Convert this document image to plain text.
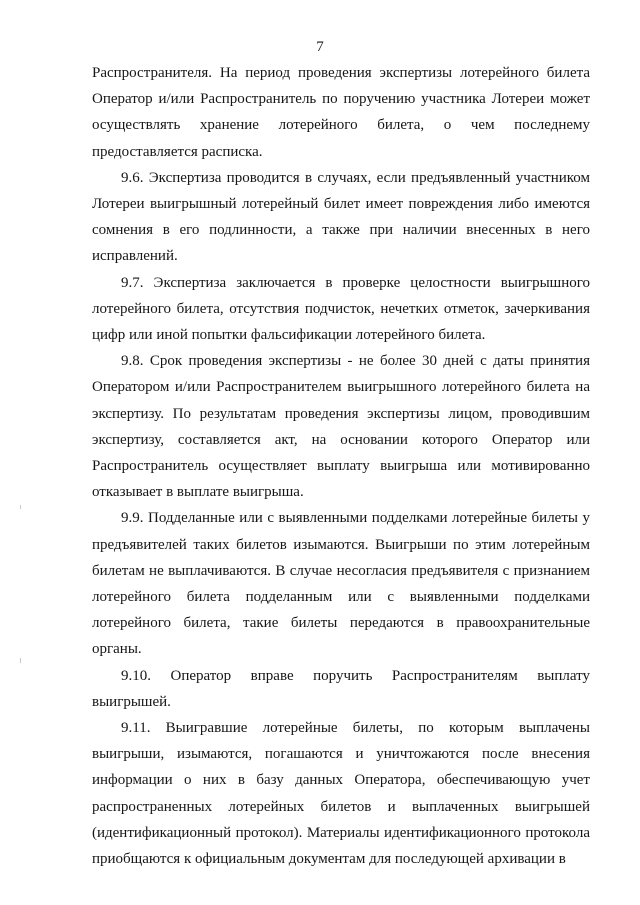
7

Распространителя. На период проведения экспертизы лотерейного билета Оператор и/или Распространитель по поручению участника Лотереи может осуществлять хранение лотерейного билета, о чем последнему предоставляется расписка.

9.6. Экспертиза проводится в случаях, если предъявленный участником Лотереи выигрышный лотерейный билет имеет повреждения либо имеются сомнения в его подлинности, а также при наличии внесенных в него исправлений.

9.7. Экспертиза заключается в проверке целостности выигрышного лотерейного билета, отсутствия подчисток, нечетких отметок, зачеркивания цифр или иной попытки фальсификации лотерейного билета.

9.8. Срок проведения экспертизы - не более 30 дней с даты принятия Оператором и/или Распространителем выигрышного лотерейного билета на экспертизу. По результатам проведения экспертизы лицом, проводившим экспертизу, составляется акт, на основании которого Оператор или Распространитель осуществляет выплату выигрыша или мотивированно отказывает в выплате выигрыша.

9.9. Подделанные или с выявленными подделками лотерейные билеты у предъявителей таких билетов изымаются. Выигрыши по этим лотерейным билетам не выплачиваются. В случае несогласия предъявителя с признанием лотерейного билета подделанным или с выявленными подделками лотерейного билета, такие билеты передаются в правоохранительные органы.

9.10. Оператор вправе поручить Распространителям выплату выигрышей.

9.11. Выигравшие лотерейные билеты, по которым выплачены выигрыши, изымаются, погашаются и уничтожаются после внесения информации о них в базу данных Оператора, обеспечивающую учет распространенных лотерейных билетов и выплаченных выигрышей (идентификационный протокол). Материалы идентификационного протокола приобщаются к официальным документам для последующей архивации в
